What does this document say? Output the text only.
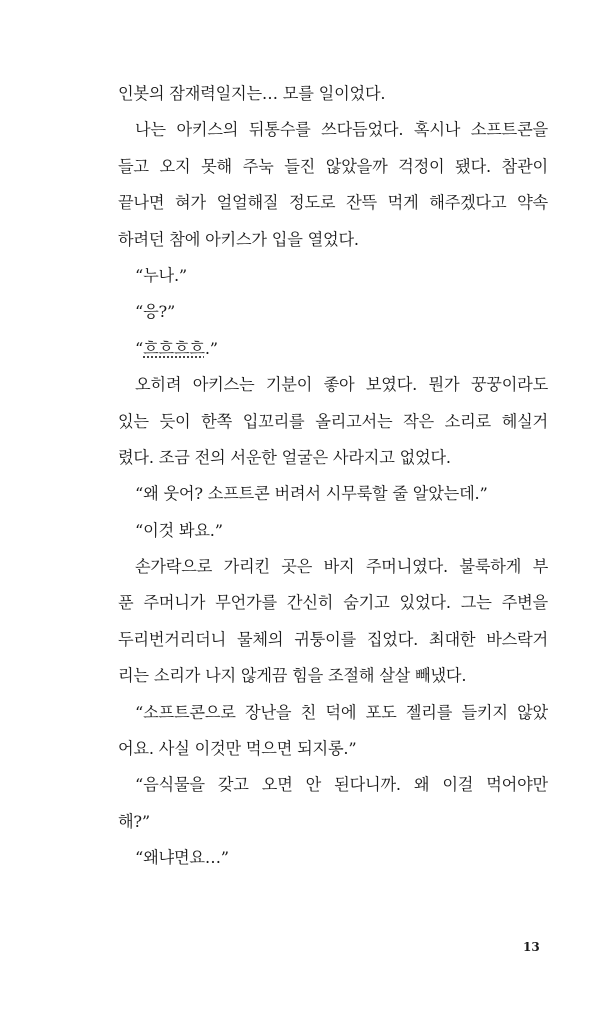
인봇의 잠재력일지는… 모를 일이었다.
나는 아키스의 뒤통수를 쓰다듬었다. 혹시나 소프트콘을
들고 오지 못해 주눅 들진 않았을까 걱정이 됐다. 참관이
끝나면 혀가 얼얼해질 정도로 잔뜩 먹게 해주겠다고 약속
하려던 참에 아키스가 입을 열었다.
“누나.”
“응?”
“흐흐흐흐.”
오히려 아키스는 기분이 좋아 보였다. 뭔가 꿍꿍이라도
있는 듯이 한쪽 입꼬리를 올리고서는 작은 소리로 헤실거
렸다. 조금 전의 서운한 얼굴은 사라지고 없었다.
“왜 웃어? 소프트콘 버려서 시무룩할 줄 알았는데.”
“이것 봐요.”
손가락으로 가리킨 곳은 바지 주머니였다. 불룩하게 부
푼 주머니가 무언가를 간신히 숨기고 있었다. 그는 주변을
두리번거리더니 물체의 귀퉁이를 집었다. 최대한 바스락거
리는 소리가 나지 않게끔 힘을 조절해 살살 빼냈다.
“소프트콘으로 장난을 친 덕에 포도 젤리를 들키지 않았
어요. 사실 이것만 먹으면 되지롱.”
“음식물을 갖고 오면 안 된다니까. 왜 이걸 먹어야만
해?”
“왜냐면요…”
13
